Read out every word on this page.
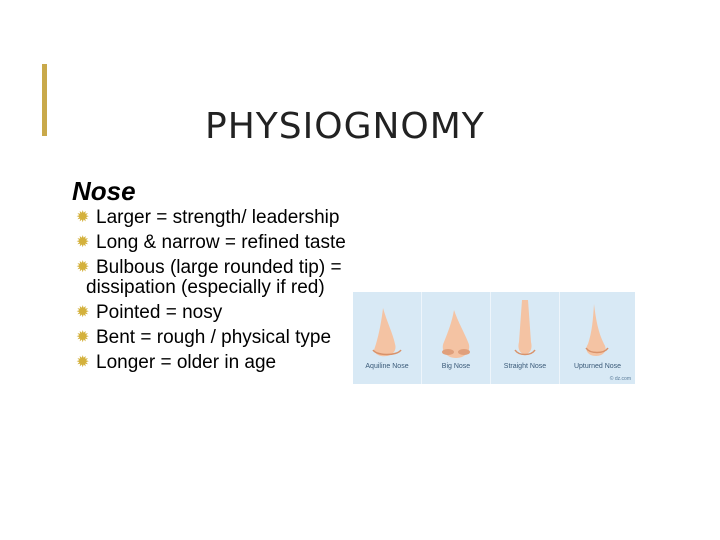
PHYSIOGNOMY
Nose
✹ Larger = strength/ leadership
✹ Long & narrow = refined taste
✹ Bulbous (large rounded tip) = dissipation (especially if red)
✹ Pointed = nosy
✹ Bent = rough / physical type
✹ Longer = older in age	Aquiline Nose	Big Nose	Straight Nose	Upturned Nose
© dz.com
